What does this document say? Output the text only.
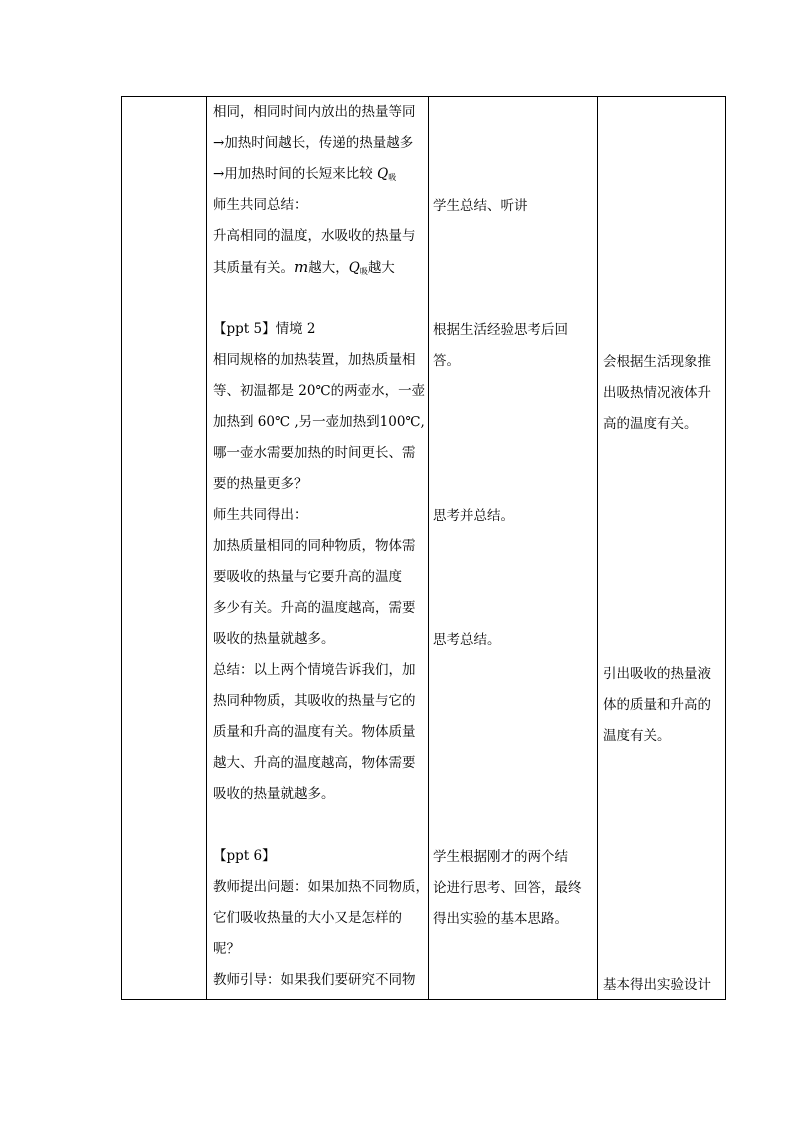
相同，相同时间内放出的热量等同
→加热时间越长，传递的热量越多
→用加热时间的长短来比较 $Q_吸$
师生共同总结：
升高相同的温度，水吸收的热量与
其质量有关。m越大，$Q_吸$越大
【ppt 5】情境 2
相同规格的加热装置，加热质量相
等、初温都是 20℃的两壶水，一壶
加热到 60℃ ,另一壶加热到100℃,
哪一壶水需要加热的时间更长、需
要的热量更多？
师生共同得出：
加热质量相同的同种物质，物体需
要吸收的热量与它要升高的温度
多少有关。升高的温度越高，需要
吸收的热量就越多。
总结：以上两个情境告诉我们，加
热同种物质，其吸收的热量与它的
质量和升高的温度有关。物体质量
越大、升高的温度越高，物体需要
吸收的热量就越多。
【ppt 6】
教师提出问题：如果加热不同物质，
它们吸收热量的大小又是怎样的
呢？
教师引导：如果我们要研究不同物
学生总结、听讲
根据生活经验思考后回
答。
思考并总结。
思考总结。
学生根据刚才的两个结
论进行思考、回答，最终
得出实验的基本思路。
会根据生活现象推
出吸热情况液体升
高的温度有关。
引出吸收的热量液
体的质量和升高的
温度有关。
基本得出实验设计
